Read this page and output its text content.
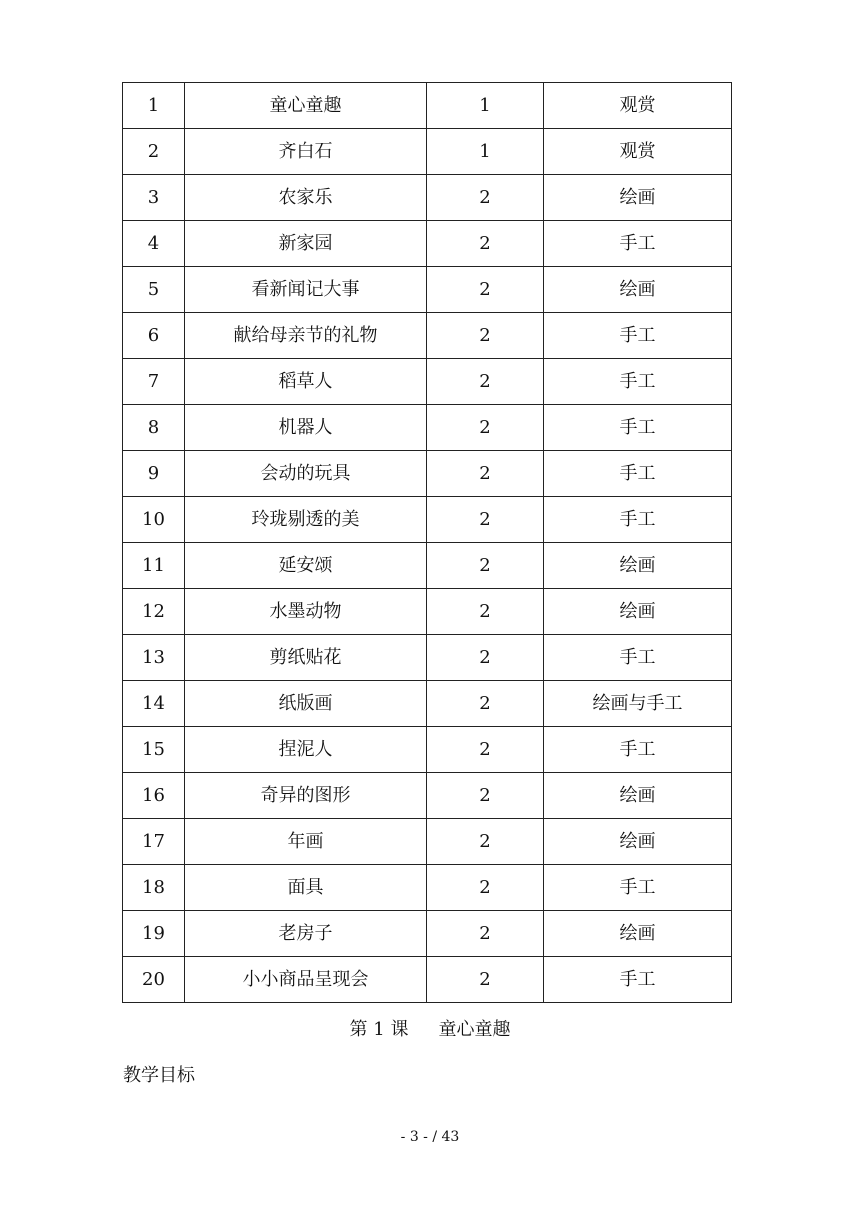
1	童心童趣	1	观赏
2	齐白石	1	观赏
3	农家乐	2	绘画
4	新家园	2	手工
5	看新闻记大事	2	绘画
6	献给母亲节的礼物	2	手工
7	稻草人	2	手工
8	机器人	2	手工
9	会动的玩具	2	手工
10	玲珑剔透的美	2	手工
11	延安颂	2	绘画
12	水墨动物	2	绘画
13	剪纸贴花	2	手工
14	纸版画	2	绘画与手工
15	捏泥人	2	手工
16	奇异的图形	2	绘画
17	年画	2	绘画
18	面具	2	手工
19	老房子	2	绘画
20	小小商品呈现会	2	手工
第 1 课 童心童趣
教学目标
- 3 - / 43
